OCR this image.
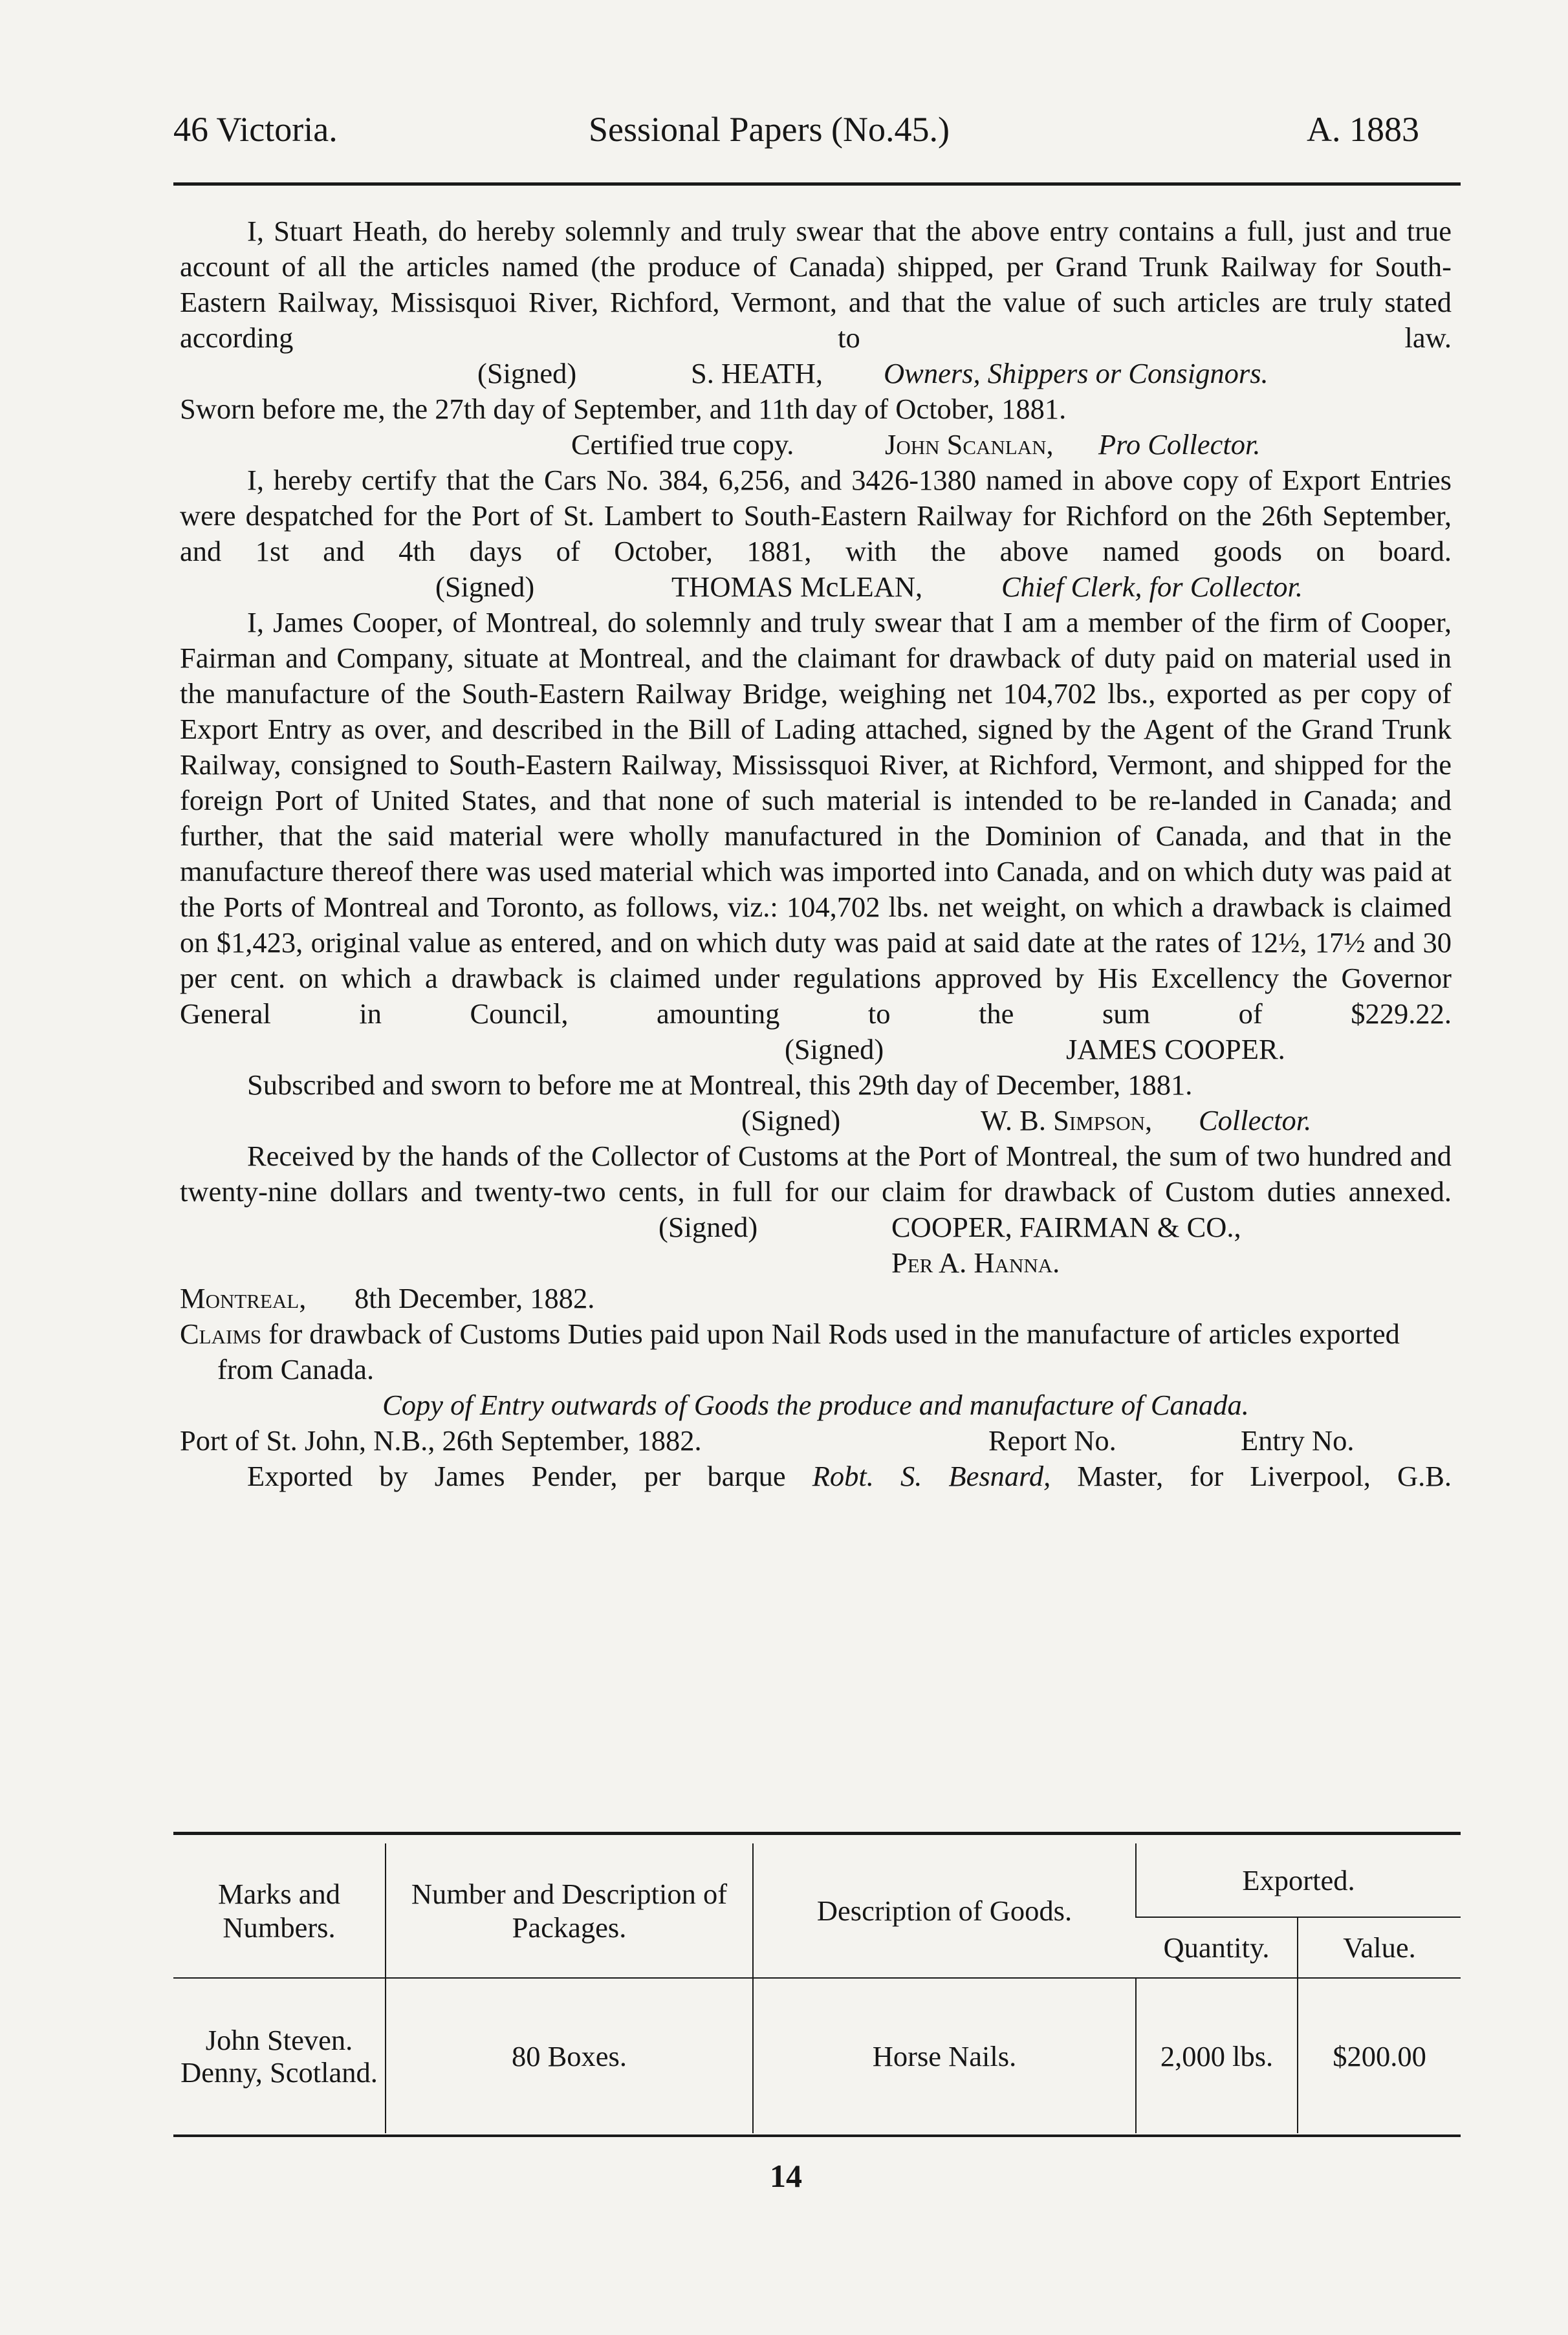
46 Victoria.	Sessional Papers (No.45.)	A. 1883

I, Stuart Heath, do hereby solemnly and truly swear that the above entry contains a full, just and true account of all the articles named (the produce of Canada) shipped, per Grand Trunk Railway for South-Eastern Railway, Missisquoi River, Richford, Vermont, and that the value of such articles are truly stated according to law.

(Signed)	S. HEATH, Owners, Shippers or Consignors.

Sworn before me, the 27th day of September, and 11th day of October, 1881.

Certified true copy.	John Scanlan, Pro Collector.

I, hereby certify that the Cars No. 384, 6,256, and 3426-1380 named in above copy of Export Entries were despatched for the Port of St. Lambert to South-Eastern Railway for Richford on the 26th September, and 1st and 4th days of October, 1881, with the above named goods on board.

(Signed)	THOMAS McLEAN,	Chief Clerk, for Collector.

I, James Cooper, of Montreal, do solemnly and truly swear that I am a member of the firm of Cooper, Fairman and Company, situate at Montreal, and the claimant for drawback of duty paid on material used in the manufacture of the South-Eastern Railway Bridge, weighing net 104,702 lbs., exported as per copy of Export Entry as over, and described in the Bill of Lading attached, signed by the Agent of the Grand Trunk Railway, consigned to South-Eastern Railway, Mississquoi River, at Richford, Vermont, and shipped for the foreign Port of United States, and that none of such material is intended to be re-landed in Canada; and further, that the said material were wholly manufactured in the Dominion of Canada, and that in the manufacture thereof there was used material which was imported into Canada, and on which duty was paid at the Ports of Montreal and Toronto, as follows, viz.: 104,702 lbs. net weight, on which a drawback is claimed on $1,423, original value as entered, and on which duty was paid at said date at the rates of 12½, 17½ and 30 per cent. on which a drawback is claimed under regulations approved by His Excellency the Governor General in Council, amounting to the sum of $229.22.

(Signed)	JAMES COOPER.

Subscribed and sworn to before me at Montreal, this 29th day of December, 1881.

(Signed)	W. B. Simpson, Collector.

Received by the hands of the Collector of Customs at the Port of Montreal, the sum of two hundred and twenty-nine dollars and twenty-two cents, in full for our claim for drawback of Custom duties annexed.

(Signed)	COOPER, FAIRMAN & CO.,
Per A. Hanna.
Montreal, 8th December, 1882.

Claims for drawback of Customs Duties paid upon Nail Rods used in the manufacture of articles exported from Canada.

Copy of Entry outwards of Goods the produce and manufacture of Canada.

Port of St. John, N.B., 26th September, 1882.	Report No.	Entry No.

Exported by James Pender, per barque Robt. S. Besnard, Master, for Liverpool, G.B.

Marks and Numbers.	Number and Description of Packages.	Description of Goods.	Exported.	
			Quantity.	Value.
John Steven. Denny, Scotland.	80 Boxes.	Horse Nails.	2,000 lbs.	$200.00
14
